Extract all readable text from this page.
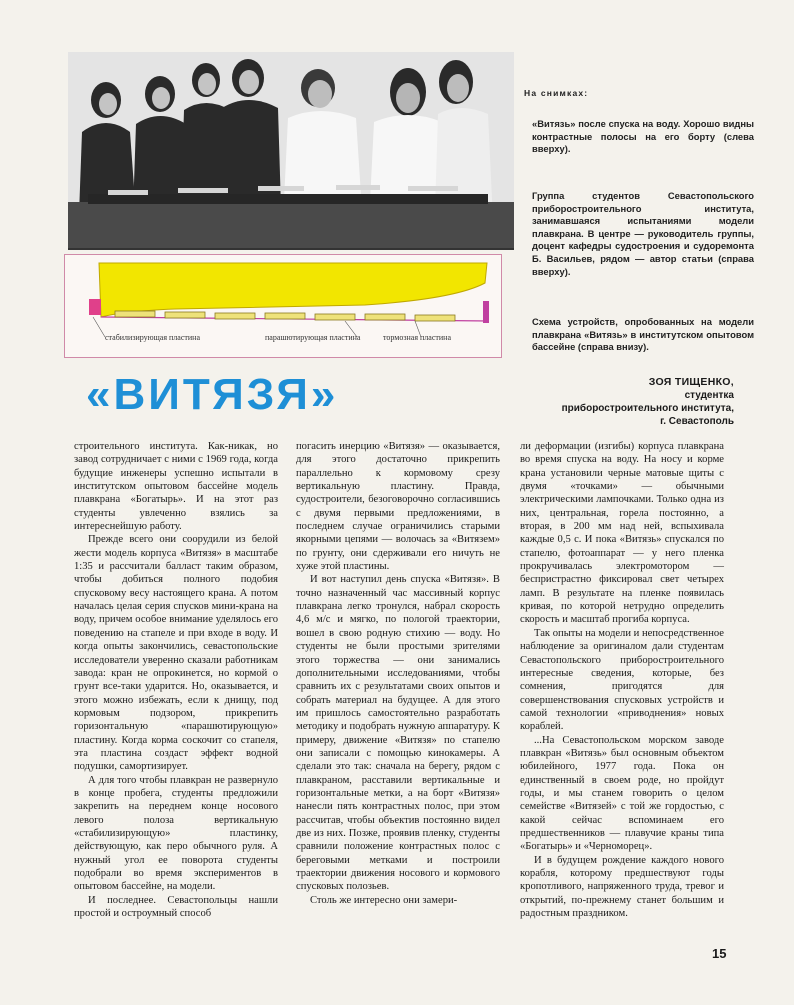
стабилизирующая пластина	парашютирующая пластина	тормозная пластина
На снимках:
«Витязь» после спуска на воду. Хорошо видны контрастные полосы на его борту (слева вверху).
Группа студентов Севастопольского приборостроительного института, занимавшаяся испытаниями модели плавкрана. В центре — руководитель группы, доцент кафедры судостроения и судоремонта Б. Васильев, рядом — автор статьи (справа вверху).
Схема устройств, опробованных на модели плавкрана «Витязь» в институтском опытовом бассейне (справа внизу).
«ВИТЯЗЯ»	ЗОЯ ТИЩЕНКО,
студентка
приборостроительного института,
г. Севастополь

строительного института. Как-никак, но завод сотрудничает с ними с 1969 года, когда будущие инженеры успешно испытали в институтском опытовом бассейне модель плавкрана «Богатырь». И на этот раз студенты увлеченно взялись за интереснейшую работу.

Прежде всего они соорудили из белой жести модель корпуса «Витязя» в масштабе 1:35 и рассчитали балласт таким образом, чтобы добиться полного подобия спусковому весу настоящего крана. А потом началась целая серия спусков мини-крана на воду, причем особое внимание уделялось его поведению на стапеле и при входе в воду. И когда опыты закончились, севастопольские исследователи уверенно сказали работникам завода: кран не опрокинется, но кормой о грунт все-таки ударится. Но, оказывается, и этого можно избежать, если к днищу, под кормовым подзором, прикрепить горизонтальную «парашютирующую» пластину. Когда корма соскочит со стапеля, эта пластина создаст эффект водной подушки, самортизирует.

А для того чтобы плавкран не развернуло в конце пробега, студенты предложили закрепить на переднем конце носового левого полоза вертикальную «стабилизирующую» пластинку, действующую, как перо обычного руля. А нужный угол ее поворота студенты подобрали во время экспериментов в опытовом бассейне, на модели.

И последнее. Севастопольцы нашли простой и остроумный способ

погасить инерцию «Витязя» — оказывается, для этого достаточно прикрепить параллельно к кормовому срезу вертикальную пластину. Правда, судостроители, безоговорочно согласившись с двумя первыми предложениями, в последнем случае ограничились старыми якорными цепями — волочась за «Витязем» по грунту, они сдерживали его ничуть не хуже этой пластины.

И вот наступил день спуска «Витязя». В точно назначенный час массивный корпус плавкрана легко тронулся, набрал скорость 4,6 м/с и мягко, по пологой траектории, вошел в свою родную стихию — воду. Но студенты не были простыми зрителями этого торжества — они занимались дополнительными исследованиями, чтобы сравнить их с результатами своих опытов и собрать материал на будущее. А для этого им пришлось самостоятельно разработать методику и подобрать нужную аппаратуру. К примеру, движение «Витязя» по стапелю они записали с помощью кинокамеры. А сделали это так: сначала на берегу, рядом с плавкраном, расставили вертикальные и горизонтальные метки, а на борт «Витязя» нанесли пять контрастных полос, при этом рассчитав, чтобы объектив постоянно видел две из них. Позже, проявив пленку, студенты сравнили положение контрастных полос с береговыми метками и построили траектории движения носового и кормового спусковых полозьев.

Столь же интересно они замери-

ли деформации (изгибы) корпуса плавкрана во время спуска на воду. На носу и корме крана установили черные матовые щиты с двумя «точками» — обычными электрическими лампочками. Только одна из них, центральная, горела постоянно, а вторая, в 200 мм над ней, вспыхивала каждые 0,5 с. И пока «Витязь» спускался по стапелю, фотоаппарат — у него пленка прокручивалась электромотором — беспристрастно фиксировал свет четырех ламп. В результате на пленке появилась кривая, по которой нетрудно определить скорость и масштаб прогиба корпуса.

Так опыты на модели и непосредственное наблюдение за оригиналом дали студентам Севастопольского приборостроительного интересные сведения, которые, без сомнения, пригодятся для совершенствования спусковых устройств и самой технологии «приводнения» новых кораблей.

...На Севастопольском морском заводе плавкран «Витязь» был основным объектом юбилейного, 1977 года. Пока он единственный в своем роде, но пройдут годы, и мы станем говорить о целом семействе «Витязей» с той же гордостью, с какой сейчас вспоминаем его предшественников — плавучие краны типа «Богатырь» и «Черноморец».

И в будущем рождение каждого нового корабля, которому предшествуют годы кропотливого, напряженного труда, тревог и открытий, по-прежнему станет большим и радостным праздником.

15
